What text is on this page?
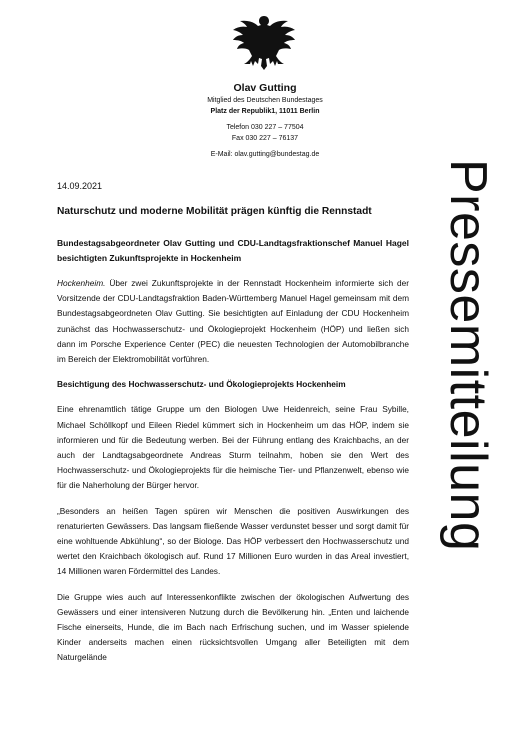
Olav Gutting
Mitglied des Deutschen Bundestages
Platz der Republik1, 11011 Berlin
Telefon 030 227 – 77504
Fax 030 227 – 76137
E-Mail: olav.gutting@bundestag.de
Pressemitteilung
14.09.2021
Naturschutz und moderne Mobilität prägen künftig die Rennstadt
Bundestagsabgeordneter Olav Gutting und CDU-Landtagsfraktionschef Manuel Hagel besichtigten Zukunftsprojekte in Hockenheim

Hockenheim. Über zwei Zukunftsprojekte in der Rennstadt Hockenheim informierte sich der Vorsitzende der CDU-Landtagsfraktion Baden-Württemberg Manuel Hagel gemeinsam mit dem Bundestagsabgeordneten Olav Gutting. Sie besichtigten auf Einladung der CDU Hockenheim zunächst das Hochwasserschutz- und Ökologieprojekt Hockenheim (HÖP) und ließen sich dann im Porsche Experience Center (PEC) die neuesten Technologien der Automobilbranche im Bereich der Elektromobilität vorführen.

Besichtigung des Hochwasserschutz- und Ökologieprojekts Hockenheim

Eine ehrenamtlich tätige Gruppe um den Biologen Uwe Heidenreich, seine Frau Sybille, Michael Schöllkopf und Eileen Riedel kümmert sich in Hockenheim um das HÖP, indem sie informieren und für die Bedeutung werben. Bei der Führung entlang des Kraichbachs, an der auch der Landtagsabgeordnete Andreas Sturm teilnahm, hoben sie den Wert des Hochwasserschutz- und Ökologieprojekts für die heimische Tier- und Pflanzenwelt, ebenso wie für die Naherholung der Bürger hervor.

„Besonders an heißen Tagen spüren wir Menschen die positiven Auswirkungen des renaturierten Gewässers. Das langsam fließende Wasser verdunstet besser und sorgt damit für eine wohltuende Abkühlung“, so der Biologe. Das HÖP verbessert den Hochwasserschutz und wertet den Kraichbach ökologisch auf. Rund 17 Millionen Euro wurden in das Areal investiert, 14 Millionen waren Fördermittel des Landes.

Die Gruppe wies auch auf Interessenkonflikte zwischen der ökologischen Aufwertung des Gewässers und einer intensiveren Nutzung durch die Bevölkerung hin. „Enten und laichende Fische einerseits, Hunde, die im Bach nach Erfrischung suchen, und im Wasser spielende Kinder anderseits machen einen rücksichtsvollen Umgang aller Beteiligten mit dem Naturgelände
